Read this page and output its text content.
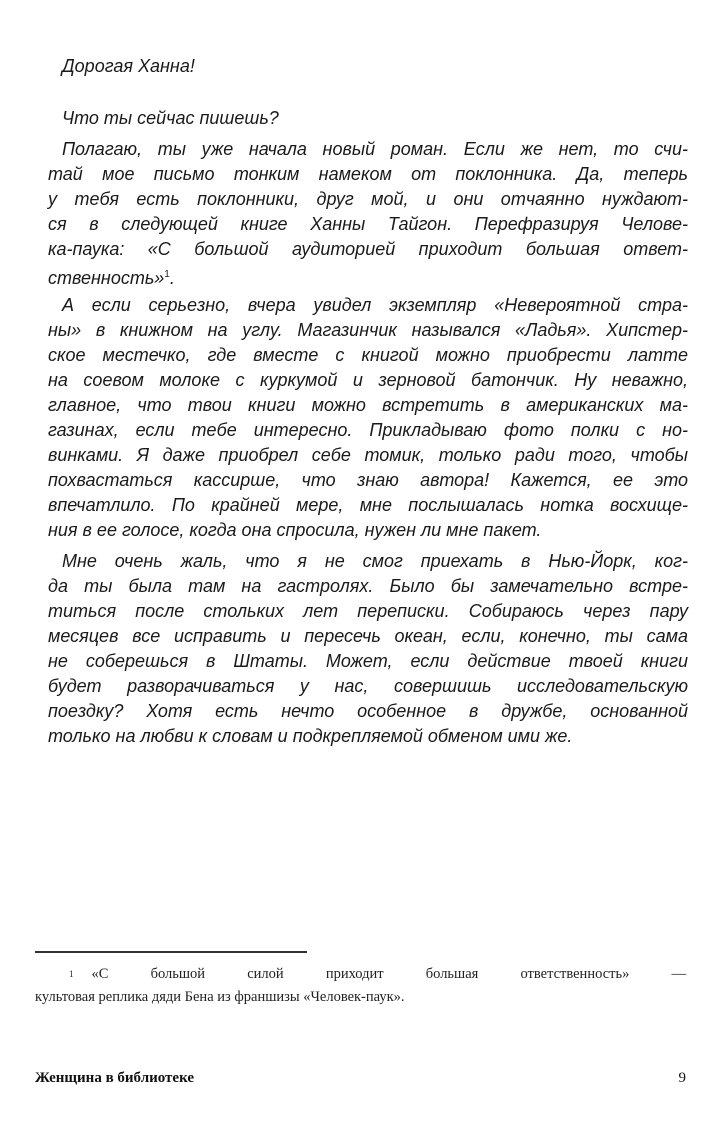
Дорогая Ханна!
Что ты сейчас пишешь?
Полагаю, ты уже начала новый роман. Если же нет, то счи-
тай мое письмо тонким намеком от поклонника. Да, теперь
у тебя есть поклонники, друг мой, и они отчаянно нуждают-
ся в следующей книге Ханны Тайгон. Перефразируя Челове-
ка-паука: «С большой аудиторией приходит большая ответ-
ственность»$^1$.
А если серьезно, вчера увидел экземпляр «Невероятной стра-
ны» в книжном на углу. Магазинчик назывался «Ладья». Хипстер-
ское местечко, где вместе с книгой можно приобрести латте
на соевом молоке с куркумой и зерновой батончик. Ну неважно,
главное, что твои книги можно встретить в американских ма-
газинах, если тебе интересно. Прикладываю фото полки с но-
винками. Я даже приобрел себе томик, только ради того, чтобы
похвастаться кассирше, что знаю автора! Кажется, ее это
впечатлило. По крайней мере, мне послышалась нотка восхище-
ния в ее голосе, когда она спросила, нужен ли мне пакет.
Мне очень жаль, что я не смог приехать в Нью-Йорк, ког-
да ты была там на гастролях. Было бы замечательно встре-
титься после стольких лет переписки. Собираюсь через пару
месяцев все исправить и пересечь океан, если, конечно, ты сама
не соберешься в Штаты. Может, если действие твоей книги
будет разворачиваться у нас, совершишь исследовательскую
поездку? Хотя есть нечто особенное в дружбе, основанной
только на любви к словам и подкрепляемой обменом ими же.
$^1$ «С большой силой приходит большая ответственность» —
культовая реплика дяди Бена из франшизы «Человек-паук».
Женщина в библиотеке	9
